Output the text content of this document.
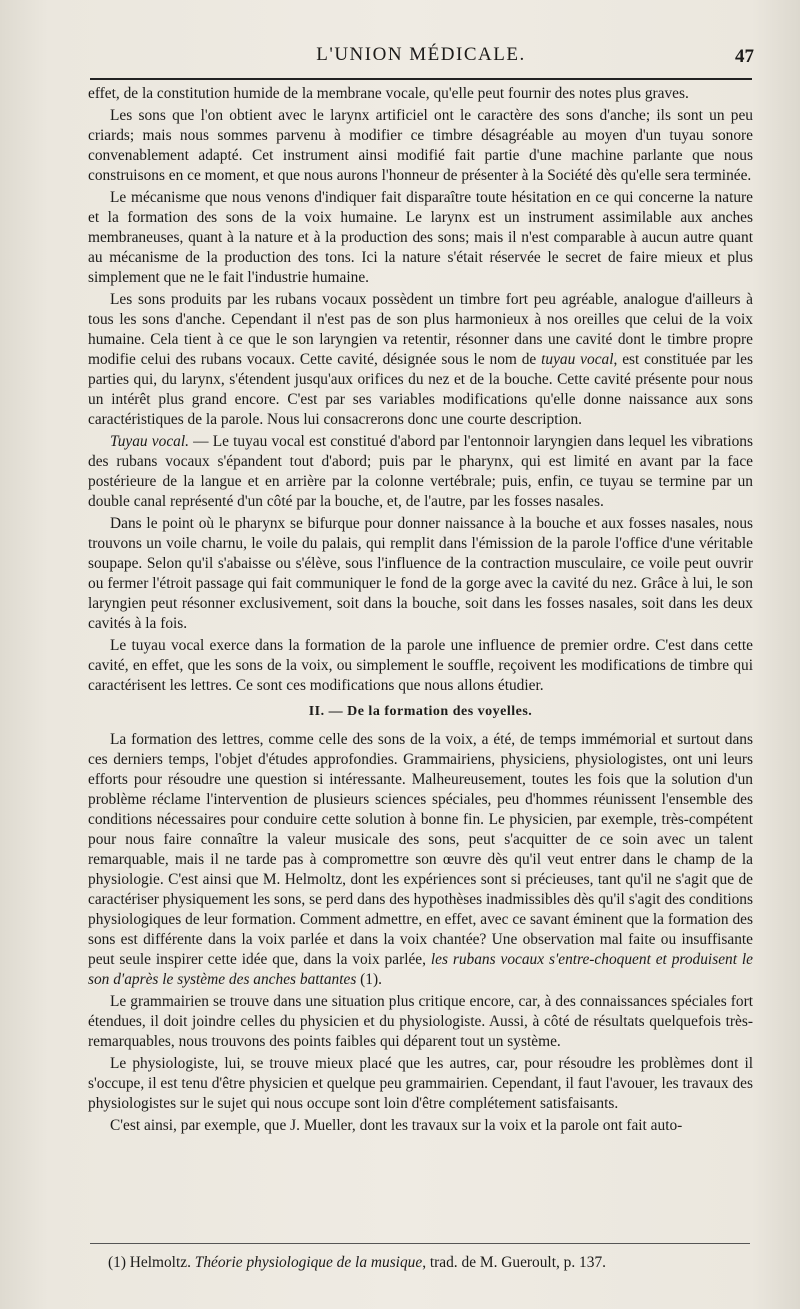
L'UNION MÉDICALE.	47

effet, de la constitution humide de la membrane vocale, qu'elle peut fournir des notes plus graves.

Les sons que l'on obtient avec le larynx artificiel ont le caractère des sons d'anche; ils sont un peu criards; mais nous sommes parvenu à modifier ce timbre désagréable au moyen d'un tuyau sonore convenablement adapté. Cet instrument ainsi modifié fait partie d'une machine parlante que nous construisons en ce moment, et que nous aurons l'honneur de présenter à la Société dès qu'elle sera terminée.

Le mécanisme que nous venons d'indiquer fait disparaître toute hésitation en ce qui concerne la nature et la formation des sons de la voix humaine. Le larynx est un instrument assimilable aux anches membraneuses, quant à la nature et à la production des sons; mais il n'est comparable à aucun autre quant au mécanisme de la production des tons. Ici la nature s'était réservée le secret de faire mieux et plus simplement que ne le fait l'industrie humaine.

Les sons produits par les rubans vocaux possèdent un timbre fort peu agréable, analogue d'ailleurs à tous les sons d'anche. Cependant il n'est pas de son plus harmonieux à nos oreilles que celui de la voix humaine. Cela tient à ce que le son laryngien va retentir, résonner dans une cavité dont le timbre propre modifie celui des rubans vocaux. Cette cavité, désignée sous le nom de tuyau vocal, est constituée par les parties qui, du larynx, s'étendent jusqu'aux orifices du nez et de la bouche. Cette cavité présente pour nous un intérêt plus grand encore. C'est par ses variables modifications qu'elle donne naissance aux sons caractéristiques de la parole. Nous lui consacrerons donc une courte description.

Tuyau vocal. — Le tuyau vocal est constitué d'abord par l'entonnoir laryngien dans lequel les vibrations des rubans vocaux s'épandent tout d'abord; puis par le pharynx, qui est limité en avant par la face postérieure de la langue et en arrière par la colonne vertébrale; puis, enfin, ce tuyau se termine par un double canal représenté d'un côté par la bouche, et, de l'autre, par les fosses nasales.

Dans le point où le pharynx se bifurque pour donner naissance à la bouche et aux fosses nasales, nous trouvons un voile charnu, le voile du palais, qui remplit dans l'émission de la parole l'office d'une véritable soupape. Selon qu'il s'abaisse ou s'élève, sous l'influence de la contraction musculaire, ce voile peut ouvrir ou fermer l'étroit passage qui fait communiquer le fond de la gorge avec la cavité du nez. Grâce à lui, le son laryngien peut résonner exclusivement, soit dans la bouche, soit dans les fosses nasales, soit dans les deux cavités à la fois.

Le tuyau vocal exerce dans la formation de la parole une influence de premier ordre. C'est dans cette cavité, en effet, que les sons de la voix, ou simplement le souffle, reçoivent les modifications de timbre qui caractérisent les lettres. Ce sont ces modifications que nous allons étudier.

II. — De la formation des voyelles.

La formation des lettres, comme celle des sons de la voix, a été, de temps immémorial et surtout dans ces derniers temps, l'objet d'études approfondies. Grammairiens, physiciens, physiologistes, ont uni leurs efforts pour résoudre une question si intéressante. Malheureusement, toutes les fois que la solution d'un problème réclame l'intervention de plusieurs sciences spéciales, peu d'hommes réunissent l'ensemble des conditions nécessaires pour conduire cette solution à bonne fin. Le physicien, par exemple, très-compétent pour nous faire connaître la valeur musicale des sons, peut s'acquitter de ce soin avec un talent remarquable, mais il ne tarde pas à compromettre son œuvre dès qu'il veut entrer dans le champ de la physiologie. C'est ainsi que M. Helmoltz, dont les expériences sont si précieuses, tant qu'il ne s'agit que de caractériser physiquement les sons, se perd dans des hypothèses inadmissibles dès qu'il s'agit des conditions physiologiques de leur formation. Comment admettre, en effet, avec ce savant éminent que la formation des sons est différente dans la voix parlée et dans la voix chantée? Une observation mal faite ou insuffisante peut seule inspirer cette idée que, dans la voix parlée, les rubans vocaux s'entre-choquent et produisent le son d'après le système des anches battantes (1).

Le grammairien se trouve dans une situation plus critique encore, car, à des connaissances spéciales fort étendues, il doit joindre celles du physicien et du physiologiste. Aussi, à côté de résultats quelquefois très-remarquables, nous trouvons des points faibles qui déparent tout un système.

Le physiologiste, lui, se trouve mieux placé que les autres, car, pour résoudre les problèmes dont il s'occupe, il est tenu d'être physicien et quelque peu grammairien. Cependant, il faut l'avouer, les travaux des physiologistes sur le sujet qui nous occupe sont loin d'être complétement satisfaisants.

C'est ainsi, par exemple, que J. Mueller, dont les travaux sur la voix et la parole ont fait auto-

(1) Helmoltz. Théorie physiologique de la musique, trad. de M. Gueroult, p. 137.
